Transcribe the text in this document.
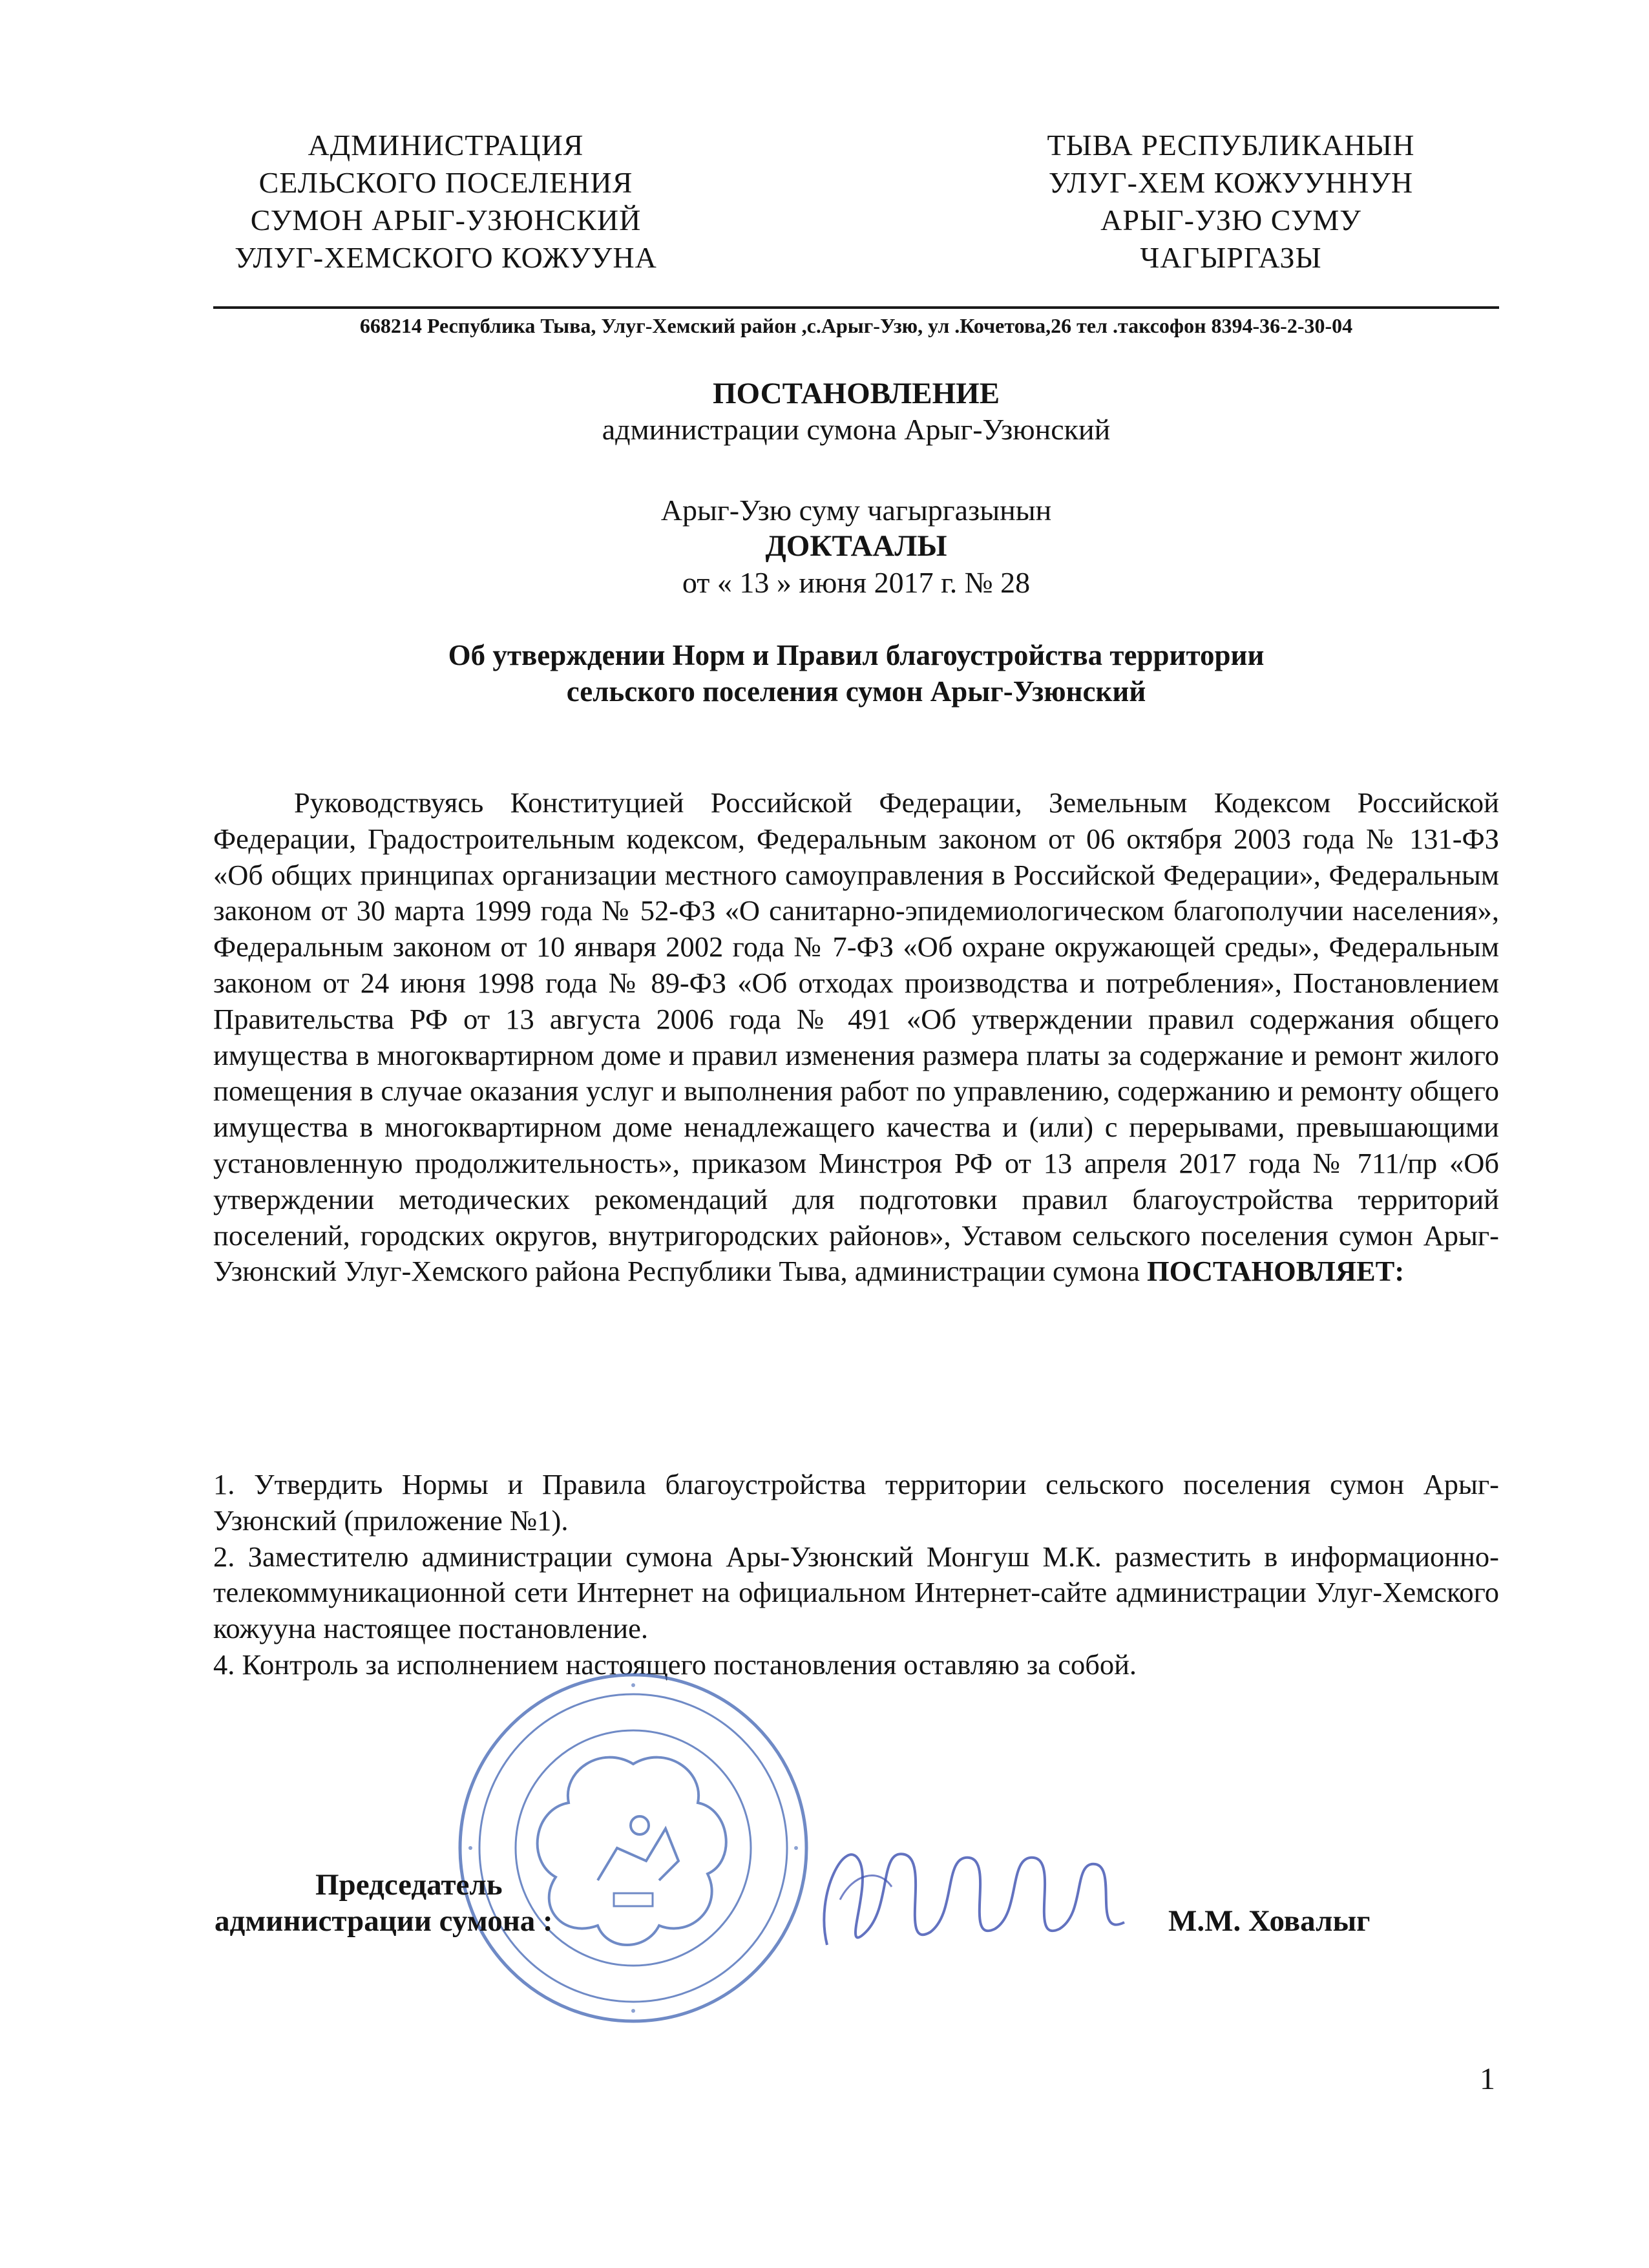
АДМИНИСТРАЦИЯ
СЕЛЬСКОГО ПОСЕЛЕНИЯ
СУМОН АРЫГ-УЗЮНСКИЙ
УЛУГ-ХЕМСКОГО КОЖУУНА
ТЫВА РЕСПУБЛИКАНЫН
УЛУГ-ХЕМ КОЖУУННУН
АРЫГ-УЗЮ СУМУ
ЧАГЫРГАЗЫ
668214 Республика Тыва, Улуг-Хемский район ,с.Арыг-Узю, ул .Кочетова,26 тел .таксофон 8394-36-2-30-04
ПОСТАНОВЛЕНИЕ
администрации сумона Арыг-Узюнский
Арыг-Узю суму чагыргазынын
ДОКТААЛЫ
от « 13 » июня 2017 г. № 28
Об утверждении Норм и Правил благоустройства территории
сельского поселения сумон Арыг-Узюнский

Руководствуясь Конституцией Российской Федерации, Земельным Кодексом Российской Федерации, Градостроительным кодексом, Федеральным законом от 06 октября 2003 года № 131-ФЗ «Об общих принципах организации местного самоуправления в Российской Федерации», Федеральным законом от 30 марта 1999 года № 52-ФЗ «О санитарно-эпидемиологическом благополучии населения», Федеральным законом от 10 января 2002 года № 7-ФЗ «Об охране окружающей среды», Федеральным законом от 24 июня 1998 года № 89-ФЗ «Об отходах производства и потребления», Постановлением Правительства РФ от 13 августа 2006 года № 491 «Об утверждении правил содержания общего имущества в многоквартирном доме и правил изменения размера платы за содержание и ремонт жилого помещения в случае оказания услуг и выполнения работ по управлению, содержанию и ремонту общего имущества в многоквартирном доме ненадлежащего качества и (или) с перерывами, превышающими установленную продолжительность», приказом Минстроя РФ от 13 апреля 2017 года № 711/пр «Об утверждении методических рекомендаций для подготовки правил благоустройства территорий поселений, городских округов, внутригородских районов», Уставом сельского поселения сумон Арыг-Узюнский Улуг-Хемского района Республики Тыва, администрации сумона ПОСТАНОВЛЯЕТ:

1. Утвердить Нормы и Правила благоустройства территории сельского поселения сумон Арыг-Узюнский (приложение №1).

2. Заместителю администрации сумона Ары-Узюнский Монгуш М.К. разместить в информационно-телекоммуникационной сети Интернет на официальном Интернет-сайте администрации Улуг-Хемского кожууна настоящее постановление.

4. Контроль за исполнением настоящего постановления оставляю за собой.

Председатель
администрации сумона :	М.М. Ховалыг
1
